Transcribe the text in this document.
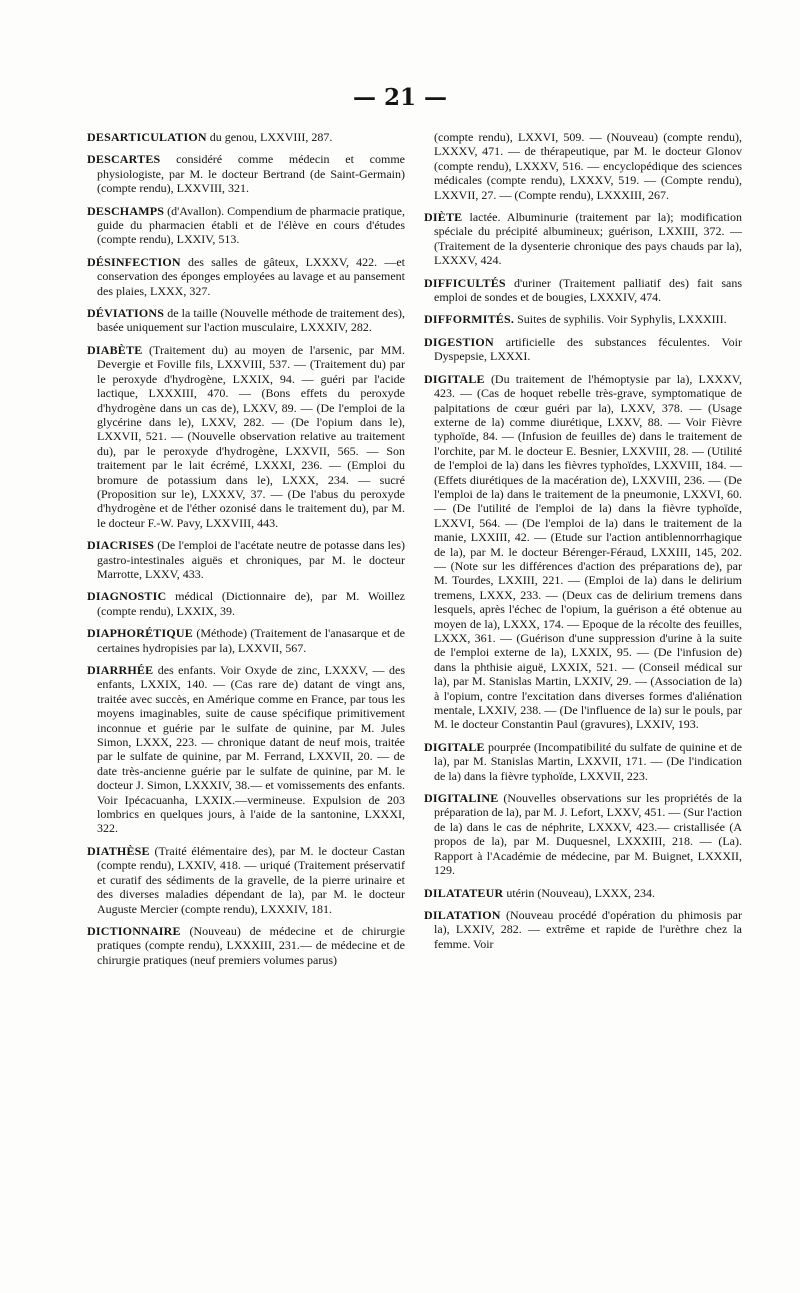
— 21 —
DESARTICULATION du genou, LXXVIII, 287.
DESCARTES considéré comme médecin et comme physiologiste, par M. le docteur Bertrand (de Saint-Germain) (compte rendu), LXXVIII, 321.
DESCHAMPS (d'Avallon). Compendium de pharmacie pratique, guide du pharmacien établi et de l'élève en cours d'études (compte rendu), LXXIV, 513.
DÉSINFECTION des salles de gâteux, LXXXV, 422. —et conservation des éponges employées au lavage et au pansement des plaies, LXXX, 327.
DÉVIATIONS de la taille (Nouvelle méthode de traitement des), basée uniquement sur l'action musculaire, LXXXIV, 282.
DIABÈTE (Traitement du) au moyen de l'arsenic, par MM. Devergie et Foville fils, LXXVIII, 537. — (Traitement du) par le peroxyde d'hydrogène, LXXIX, 94. — guéri par l'acide lactique, LXXXIII, 470. — (Bons effets du peroxyde d'hydrogène dans un cas de), LXXV, 89. — (De l'emploi de la glycérine dans le), LXXV, 282. — (De l'opium dans le), LXXVII, 521. — (Nouvelle observation relative au traitement du), par le peroxyde d'hydrogène, LXXVII, 565. — Son traitement par le lait écrémé, LXXXI, 236. — (Emploi du bromure de potassium dans le), LXXX, 234. — sucré (Proposition sur le), LXXXV, 37. — (De l'abus du peroxyde d'hydrogène et de l'éther ozonisé dans le traitement du), par M. le docteur F.-W. Pavy, LXXVIII, 443.
DIACRISES (De l'emploi de l'acétate neutre de potasse dans les) gastro-intestinales aiguës et chroniques, par M. le docteur Marrotte, LXXV, 433.
DIAGNOSTIC médical (Dictionnaire de), par M. Woillez (compte rendu), LXXIX, 39.
DIAPHORÉTIQUE (Méthode) (Traitement de l'anasarque et de certaines hydropisies par la), LXXVII, 567.
DIARRHÉE des enfants. Voir Oxyde de zinc, LXXXV, — des enfants, LXXIX, 140. — (Cas rare de) datant de vingt ans, traitée avec succès, en Amérique comme en France, par tous les moyens imaginables, suite de cause spécifique primitivement inconnue et guérie par le sulfate de quinine, par M. Jules Simon, LXXX, 223. — chronique datant de neuf mois, traitée par le sulfate de quinine, par M. Ferrand, LXXVII, 20. — de date très-ancienne guérie par le sulfate de quinine, par M. le docteur J. Simon, LXXXIV, 38.— et vomissements des enfants. Voir Ipécacuanha, LXXIX.—vermineuse. Expulsion de 203 lombrics en quelques jours, à l'aide de la santonine, LXXXI, 322.
DIATHÈSE (Traité élémentaire des), par M. le docteur Castan (compte rendu), LXXIV, 418. — uriqué (Traitement préservatif et curatif des sédiments de la gravelle, de la pierre urinaire et des diverses maladies dépendant de la), par M. le docteur Auguste Mercier (compte rendu), LXXXIV, 181.
DICTIONNAIRE (Nouveau) de médecine et de chirurgie pratiques (compte rendu), LXXXIII, 231.— de médecine et de chirurgie pratiques (neuf premiers volumes parus)
(compte rendu), LXXVI, 509. — (Nouveau) (compte rendu), LXXXV, 471. — de thérapeutique, par M. le docteur Glonov (compte rendu), LXXXV, 516. — encyclopédique des sciences médicales (compte rendu), LXXXV, 519. — (Compte rendu), LXXVII, 27. — (Compte rendu), LXXXIII, 267.
DIÈTE lactée. Albuminurie (traitement par la); modification spéciale du précipité albumineux; guérison, LXXIII, 372. — (Traitement de la dysenterie chronique des pays chauds par la), LXXXV, 424.
DIFFICULTÉS d'uriner (Traitement palliatif des) fait sans emploi de sondes et de bougies, LXXXIV, 474.
DIFFORMITÉS. Suites de syphilis. Voir Syphylis, LXXXIII.
DIGESTION artificielle des substances féculentes. Voir Dyspepsie, LXXXI.
DIGITALE (Du traitement de l'hémoptysie par la), LXXXV, 423. — (Cas de hoquet rebelle très-grave, symptomatique de palpitations de cœur guéri par la), LXXV, 378. — (Usage externe de la) comme diurétique, LXXV, 88. — Voir Fièvre typhoïde, 84. — (Infusion de feuilles de) dans le traitement de l'orchite, par M. le docteur E. Besnier, LXXVIII, 28. — (Utilité de l'emploi de la) dans les fièvres typhoïdes, LXXVIII, 184. — (Effets diurétiques de la macération de), LXXVIII, 236. — (De l'emploi de la) dans le traitement de la pneumonie, LXXVI, 60. — (De l'utilité de l'emploi de la) dans la fièvre typhoïde, LXXVI, 564. — (De l'emploi de la) dans le traitement de la manie, LXXIII, 42. — (Etude sur l'action antiblennorrhagique de la), par M. le docteur Bérenger-Féraud, LXXIII, 145, 202. — (Note sur les différences d'action des préparations de), par M. Tourdes, LXXIII, 221. — (Emploi de la) dans le delirium tremens, LXXX, 233. — (Deux cas de delirium tremens dans lesquels, après l'échec de l'opium, la guérison a été obtenue au moyen de la), LXXX, 174. — Epoque de la récolte des feuilles, LXXX, 361. — (Guérison d'une suppression d'urine à la suite de l'emploi externe de la), LXXIX, 95. — (De l'infusion de) dans la phthisie aiguë, LXXIX, 521. — (Conseil médical sur la), par M. Stanislas Martin, LXXIV, 29. — (Association de la) à l'opium, contre l'excitation dans diverses formes d'aliénation mentale, LXXIV, 238. — (De l'influence de la) sur le pouls, par M. le docteur Constantin Paul (gravures), LXXIV, 193.
DIGITALE pourprée (Incompatibilité du sulfate de quinine et de la), par M. Stanislas Martin, LXXVII, 171. — (De l'indication de la) dans la fièvre typhoïde, LXXVII, 223.
DIGITALINE (Nouvelles observations sur les propriétés de la préparation de la), par M. J. Lefort, LXXV, 451. — (Sur l'action de la) dans le cas de néphrite, LXXXV, 423.— cristallisée (A propos de la), par M. Duquesnel, LXXXIII, 218. — (La). Rapport à l'Académie de médecine, par M. Buignet, LXXXII, 129.
DILATATEUR utérin (Nouveau), LXXX, 234.
DILATATION (Nouveau procédé d'opération du phimosis par la), LXXIV, 282. — extrême et rapide de l'urèthre chez la femme. Voir
